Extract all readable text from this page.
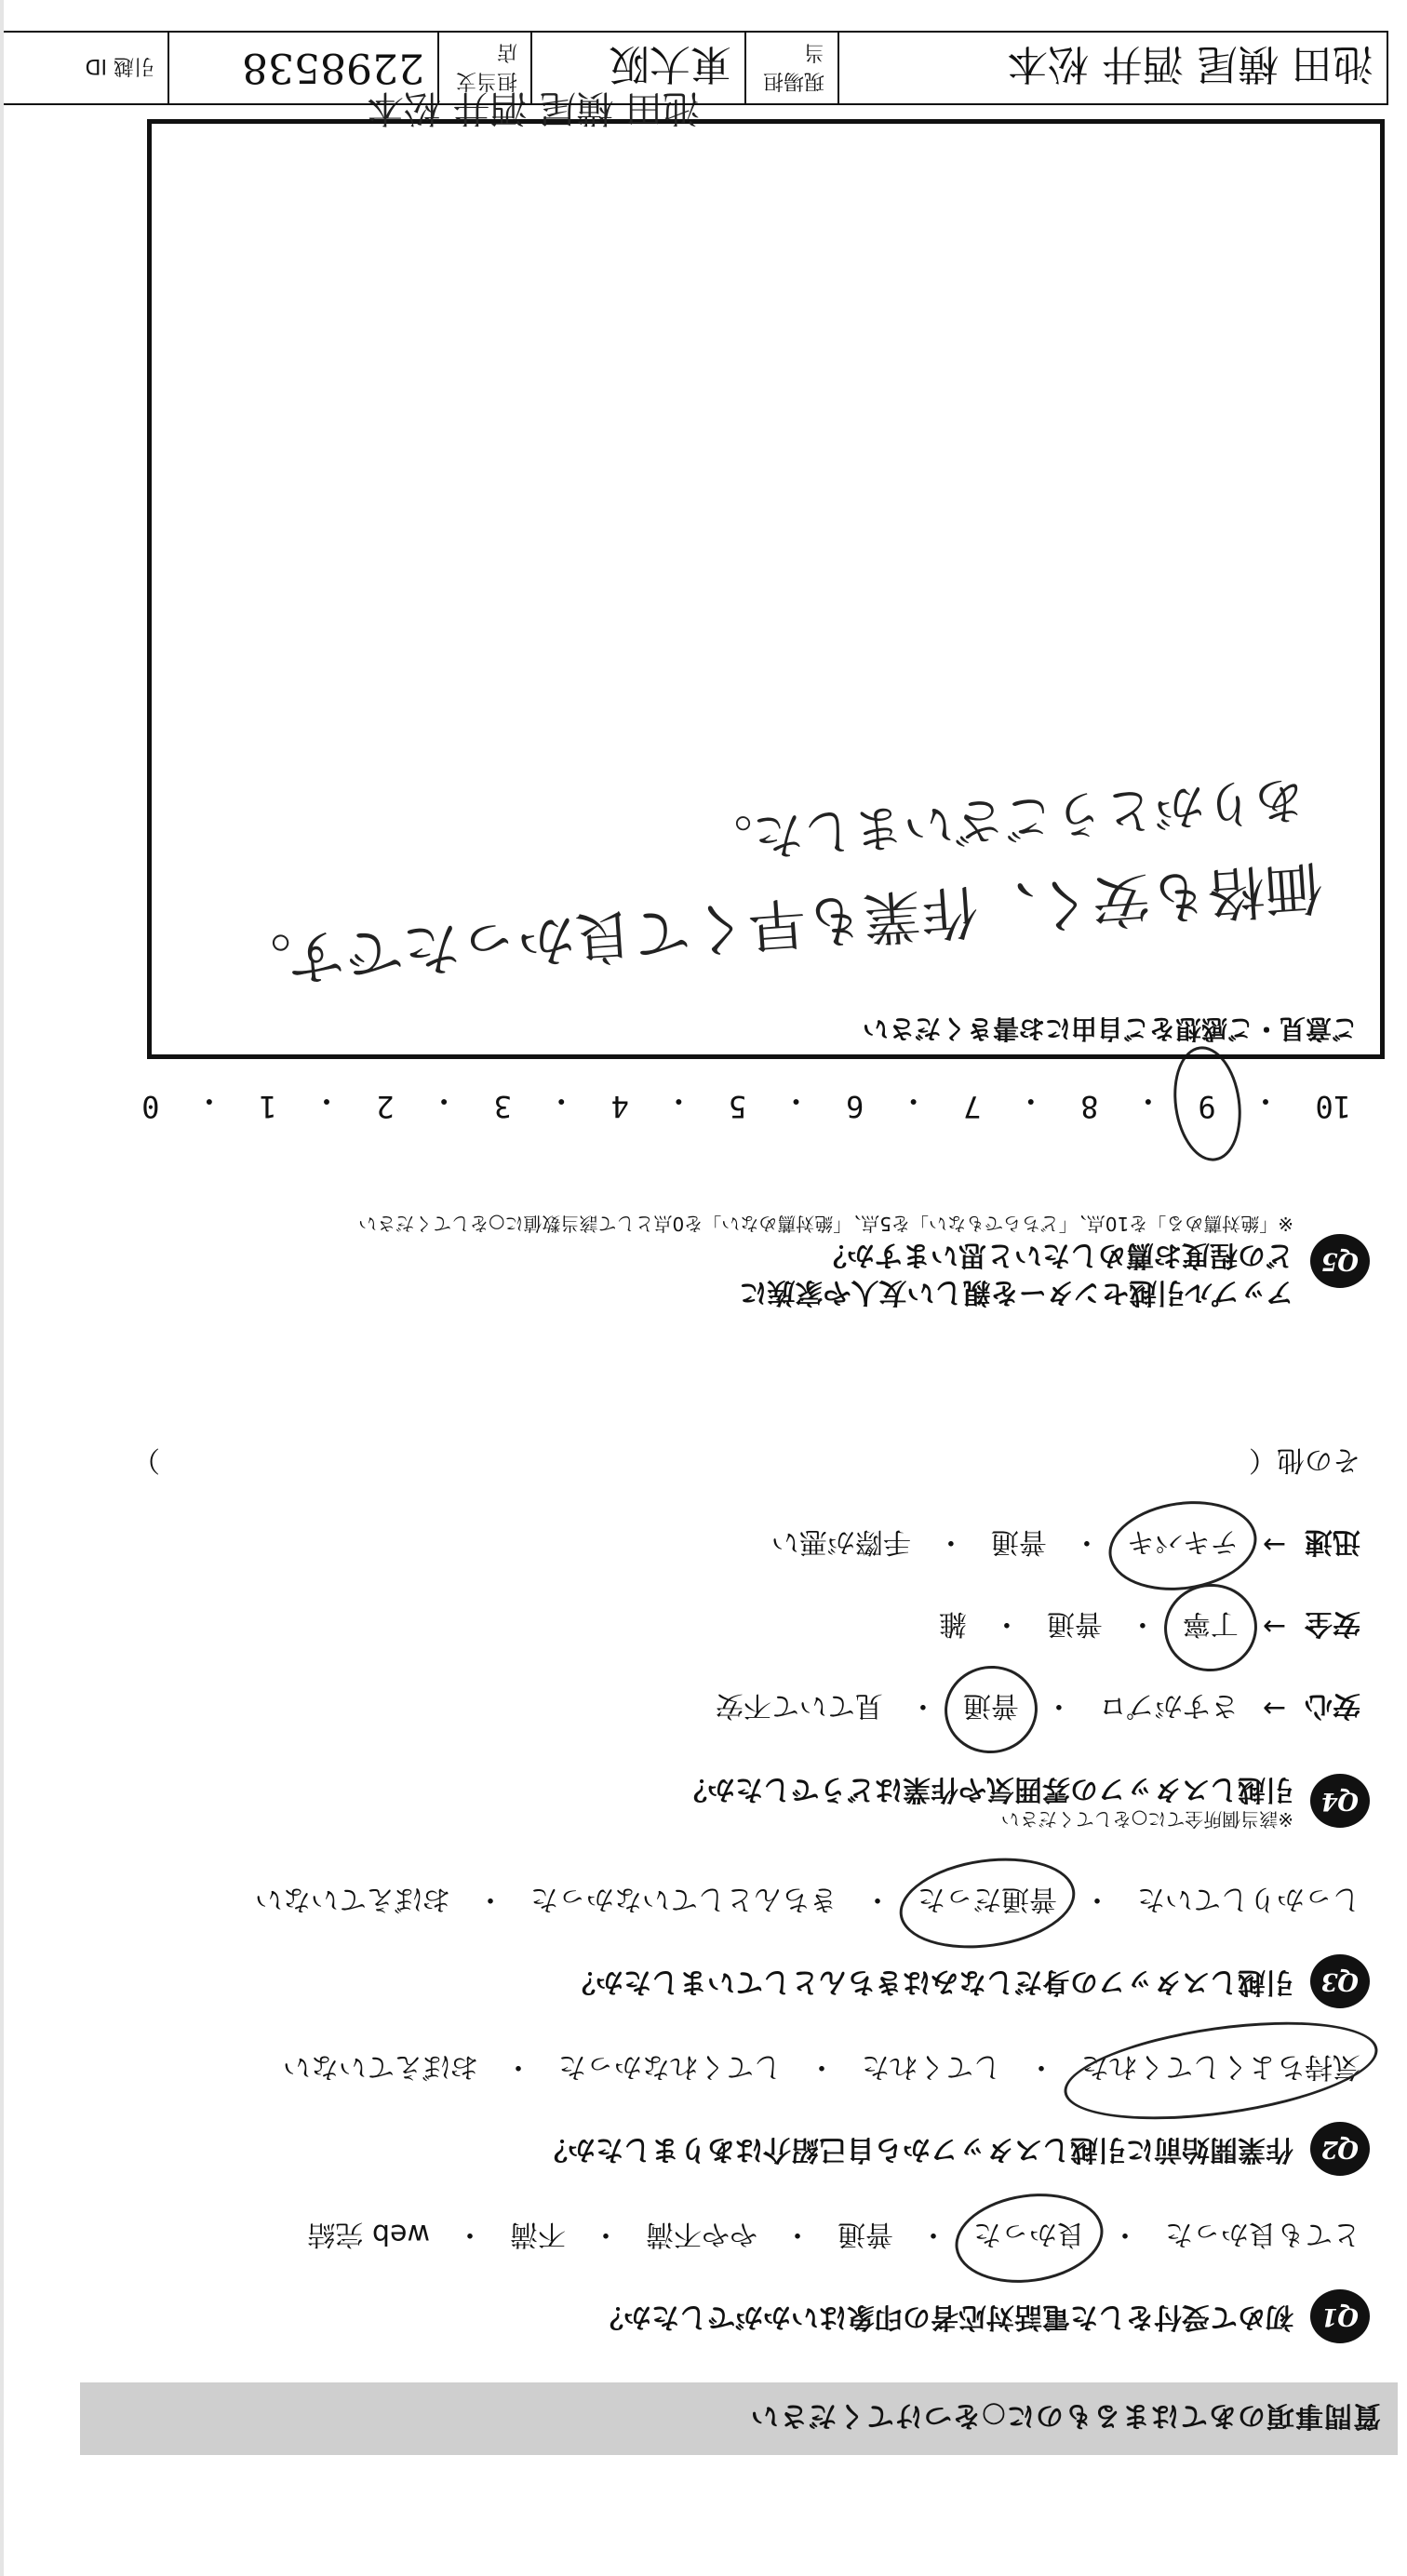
質問事項のあてはまるものに○をつけてください
Q1
初めて受付をした電話対応者の印象はいかがでしたか？
とても良かった
・
良かった
・
普通
・
やや不満
・
不満
・
web 完結
Q2
作業開始前に引越しスタッフから自己紹介はありましたか？
気持ちよくしてくれた
・
してくれた
・
してくれなかった
・
おぼえていない
Q3
引越しスタッフの身だしなみはきちんとしていましたか？
しっかりしていた
・
普通だった
・
きちんとしていなかった
・
おぼえていない
Q4
※該当個所全てに○をしてください
引越しスタッフの雰囲気や作業はどうでしたか？
安心
→
さすがプロ
・
普通
・
見ていて不安
安全
→
丁寧
・
普通
・
雑
迅速
→
テキパキ
・
普通
・
手際が悪い
その他（
）
Q5
アップル引越センターを親しい友人や家族に
どの程度お薦めしたいと思いますか？
※「絶対薦める」を10点、「どちらでもない」を5点、「絶対薦めない」を0点として該当数値に○をしてください
10
・
9
・
8
・
7
・
6
・
5
・
4
・
3
・
2
・
1
・
0
ご意見・ご感想をご自由にお書きください
価格も安く、作業も早くて良かったです。
ありがとうございました。
池田 横尾 酒井 松本
池田 横尾 酒井 松本
現場担当
東大阪
担当支店
2298538
引越 ID
